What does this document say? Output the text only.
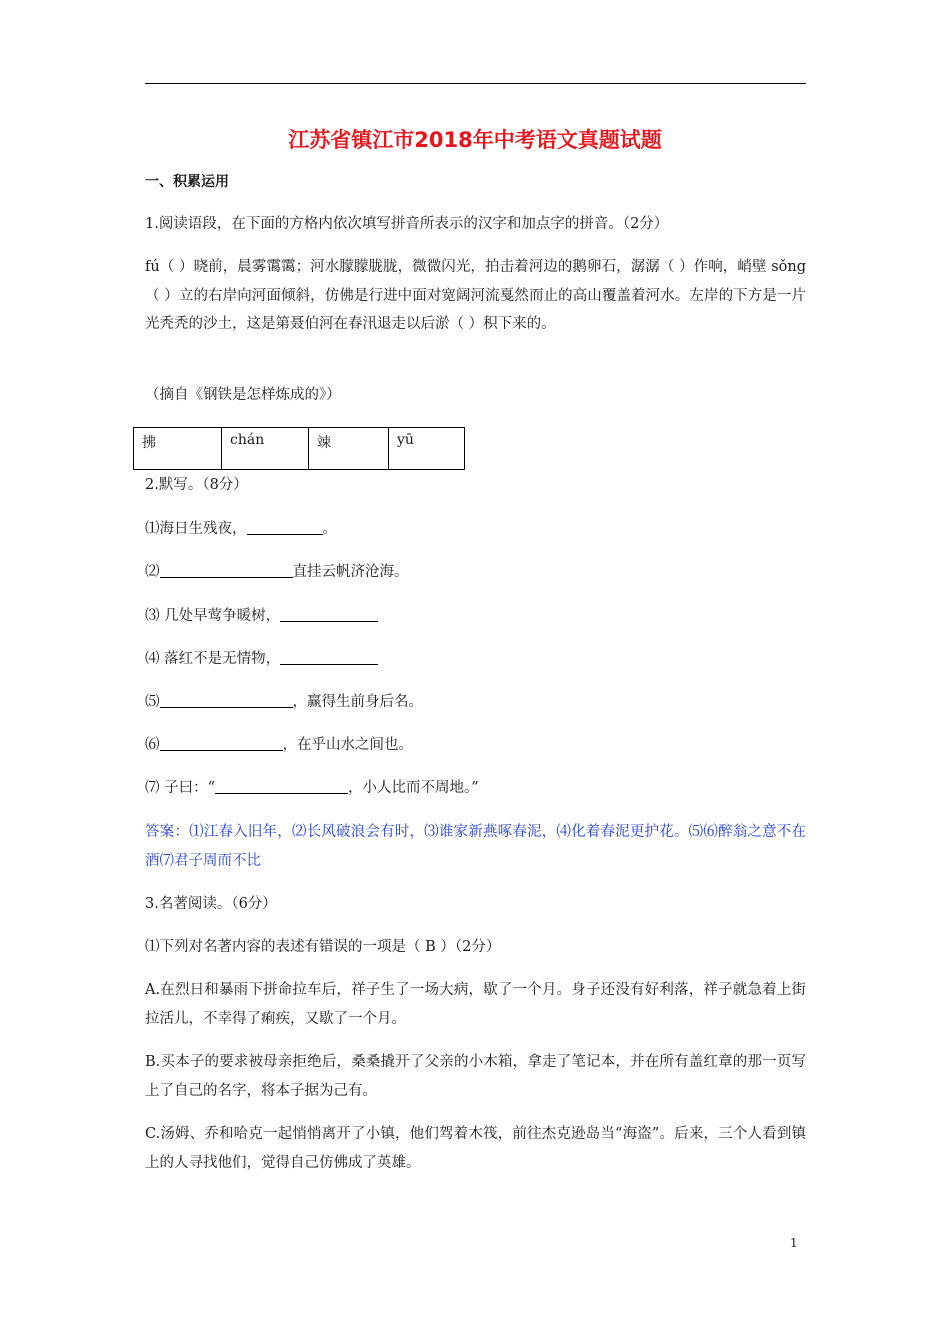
江苏省镇江市2018年中考语文真题试题
一、积累运用
1.阅读语段，在下面的方格内依次填写拼音所表示的汉字和加点字的拼音。（2分）
fú（ ）晓前，晨雾霭霭；河水朦朦胧胧，微微闪光，拍击着河边的鹅卵石，潺潺（ ）作响，峭壁 sǒng（ ）立的右岸向河面倾斜，仿佛是行进中面对宽阔河流戛然而止的高山覆盖着河水。左岸的下方是一片光秃秃的沙土，这是第聂伯河在春汛退走以后淤（ ）积下来的。
（摘自《钢铁是怎样炼成的》）
拂	chán	竦	yū
2.默写。（8分）
⑴海日生残夜，	。
⑵	直挂云帆济沧海。
⑶ 几处早莺争暖树，
⑷ 落红不是无情物，
⑸	，赢得生前身后名。
⑹	，在乎山水之间也。
⑺ 子曰：“	，小人比而不周地。”
答案：⑴江春入旧年，⑵长风破浪会有时，⑶谁家新燕啄春泥，⑷化着春泥更护花。⑸⑹醉翁之意不在酒⑺君子周而不比
3.名著阅读。（6分）
⑴下列对名著内容的表述有错误的一项是（ B ）（2分）
A.在烈日和暴雨下拼命拉车后，祥子生了一场大病，歇了一个月。身子还没有好利落，祥子就急着上街拉活儿，不幸得了痢疾，又歇了一个月。
B.买本子的要求被母亲拒绝后，桑桑撬开了父亲的小木箱，拿走了笔记本，并在所有盖红章的那一页写上了自己的名字，将本子据为己有。
C.汤姆、乔和哈克一起悄悄离开了小镇，他们驾着木筏，前往杰克逊岛当“海盗”。后来，三个人看到镇上的人寻找他们，觉得自己仿佛成了英雄。
1
